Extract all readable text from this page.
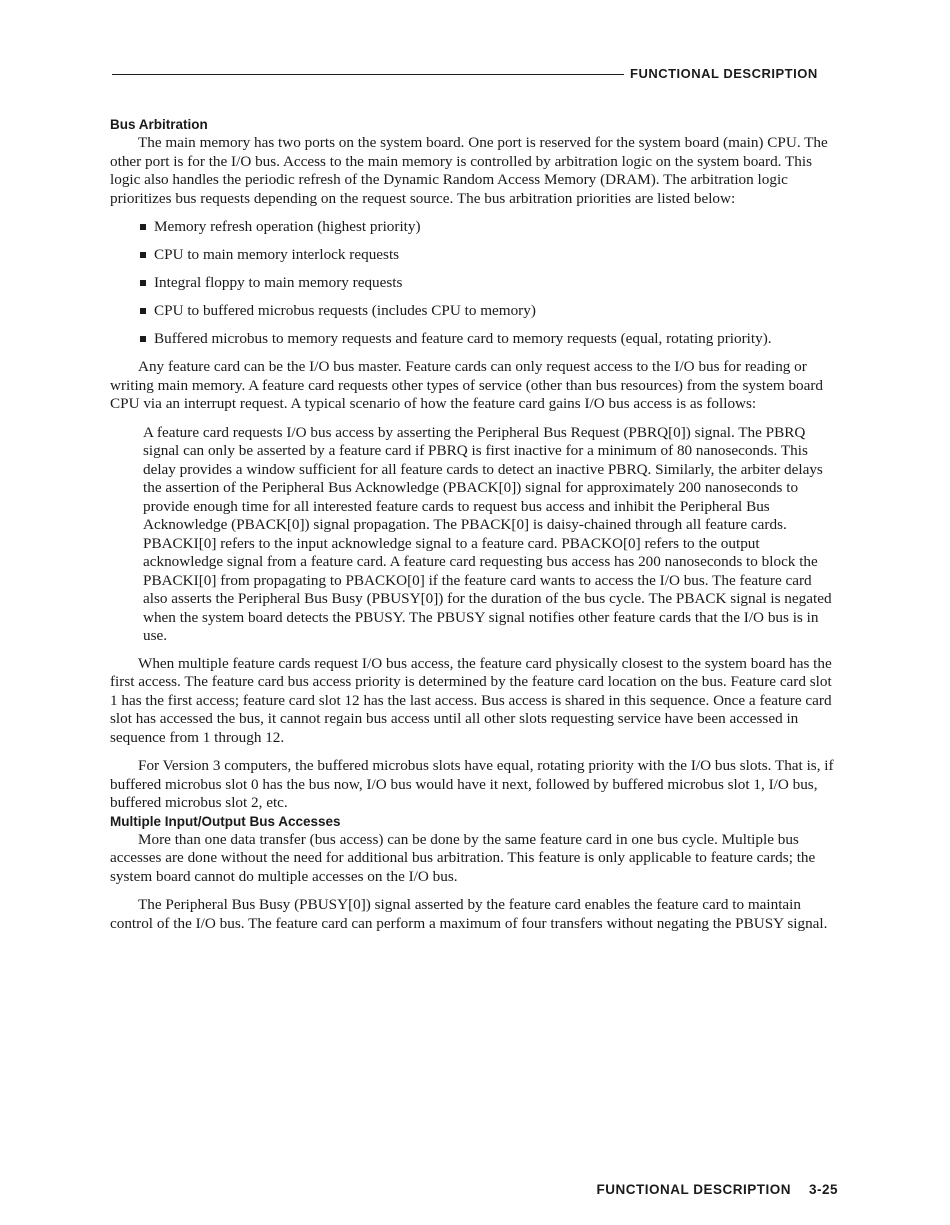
FUNCTIONAL DESCRIPTION
Bus Arbitration

The main memory has two ports on the system board. One port is reserved for the system board (main) CPU. The other port is for the I/O bus. Access to the main memory is controlled by arbitration logic on the system board. This logic also handles the periodic refresh of the Dynamic Random Access Memory (DRAM). The arbitration logic prioritizes bus requests depending on the request source. The bus arbitration priorities are listed below:

Memory refresh operation (highest priority)
CPU to main memory interlock requests
Integral floppy to main memory requests
CPU to buffered microbus requests (includes CPU to memory)
Buffered microbus to memory requests and feature card to memory requests (equal, rotating priority).

Any feature card can be the I/O bus master. Feature cards can only request access to the I/O bus for reading or writing main memory. A feature card requests other types of service (other than bus resources) from the system board CPU via an interrupt request. A typical scenario of how the feature card gains I/O bus access is as follows:

A feature card requests I/O bus access by asserting the Peripheral Bus Request (PBRQ[0]) signal. The PBRQ signal can only be asserted by a feature card if PBRQ is first inactive for a minimum of 80 nanoseconds. This delay provides a window sufficient for all feature cards to detect an inactive PBRQ. Similarly, the arbiter delays the assertion of the Peripheral Bus Acknowledge (PBACK[0]) signal for approximately 200 nanoseconds to provide enough time for all interested feature cards to request bus access and inhibit the Peripheral Bus Acknowledge (PBACK[0]) signal propagation. The PBACK[0] is daisy-chained through all feature cards. PBACKI[0] refers to the input acknowledge signal to a feature card. PBACKO[0] refers to the output acknowledge signal from a feature card. A feature card requesting bus access has 200 nanoseconds to block the PBACKI[0] from propagating to PBACKO[0] if the feature card wants to access the I/O bus. The feature card also asserts the Peripheral Bus Busy (PBUSY[0]) for the duration of the bus cycle. The PBACK signal is negated when the system board detects the PBUSY. The PBUSY signal notifies other feature cards that the I/O bus is in use.

When multiple feature cards request I/O bus access, the feature card physically closest to the system board has the first access. The feature card bus access priority is determined by the feature card location on the bus. Feature card slot 1 has the first access; feature card slot 12 has the last access. Bus access is shared in this sequence. Once a feature card slot has accessed the bus, it cannot regain bus access until all other slots requesting service have been accessed in sequence from 1 through 12.

For Version 3 computers, the buffered microbus slots have equal, rotating priority with the I/O bus slots. That is, if buffered microbus slot 0 has the bus now, I/O bus would have it next, followed by buffered microbus slot 1, I/O bus, buffered microbus slot 2, etc.

Multiple Input/Output Bus Accesses

More than one data transfer (bus access) can be done by the same feature card in one bus cycle. Multiple bus accesses are done without the need for additional bus arbitration. This feature is only applicable to feature cards; the system board cannot do multiple accesses on the I/O bus.

The Peripheral Bus Busy (PBUSY[0]) signal asserted by the feature card enables the feature card to maintain control of the I/O bus. The feature card can perform a maximum of four transfers without negating the PBUSY signal.

FUNCTIONAL DESCRIPTION 3-25
